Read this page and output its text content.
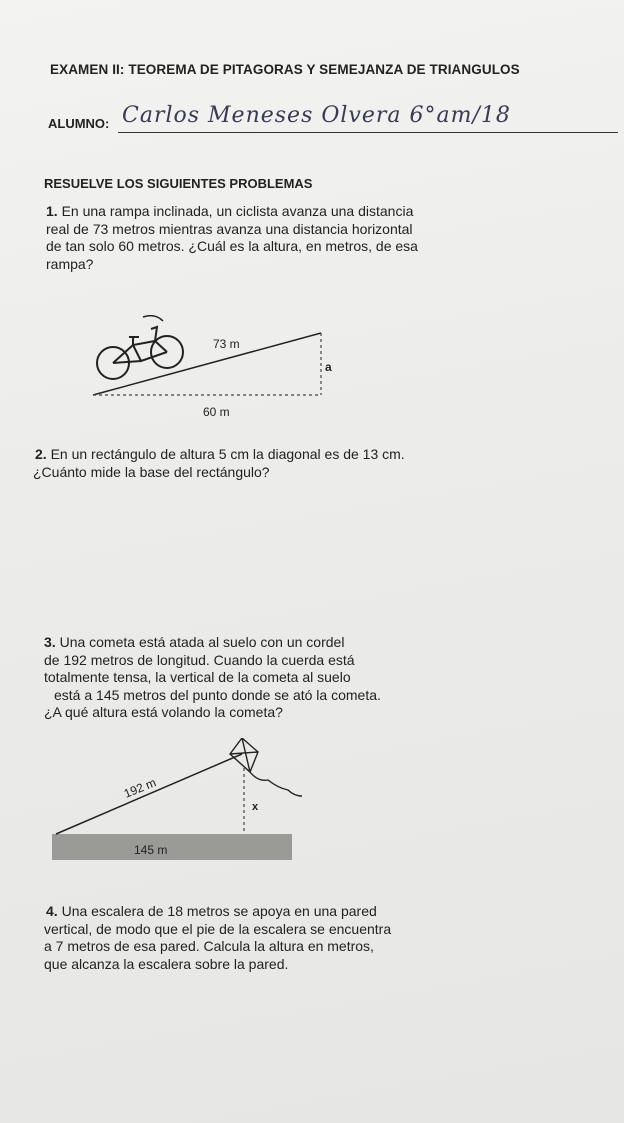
EXAMEN II: TEOREMA DE PITAGORAS Y SEMEJANZA DE TRIANGULOS
ALUMNO: Carlos Meneses Olvera 6°am/18
RESUELVE LOS SIGUIENTES PROBLEMAS
1. En una rampa inclinada, un ciclista avanza una distancia
real de 73 metros mientras avanza una distancia horizontal
de tan solo 60 metros. ¿Cuál es la altura, en metros, de esa
rampa?
73 m
a
60 m
2. En un rectángulo de altura 5 cm la diagonal es de 13 cm.
¿Cuánto mide la base del rectángulo?
3. Una cometa está atada al suelo con un cordel
de 192 metros de longitud. Cuando la cuerda está
totalmente tensa, la vertical de la cometa al suelo
está a 145 metros del punto donde se ató la cometa.
¿A qué altura está volando la cometa?
192 m
x
145 m
4. Una escalera de 18 metros se apoya en una pared
vertical, de modo que el pie de la escalera se encuentra
a 7 metros de esa pared. Calcula la altura en metros,
que alcanza la escalera sobre la pared.
